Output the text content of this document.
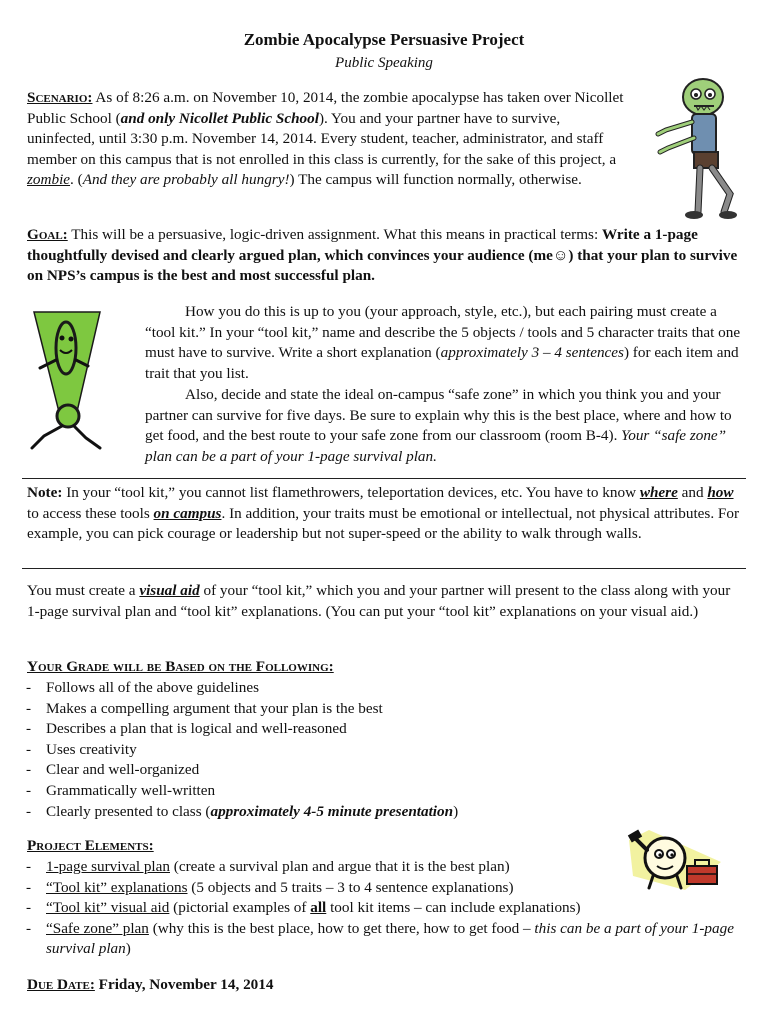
Zombie Apocalypse Persuasive Project
Public Speaking
Scenario: As of 8:26 a.m. on November 10, 2014, the zombie apocalypse has taken over Nicollet Public School (and only Nicollet Public School). You and your partner have to survive, uninfected, until 3:30 p.m. November 14, 2014. Every student, teacher, administrator, and staff member on this campus that is not enrolled in this class is currently, for the sake of this project, a zombie. (And they are probably all hungry!) The campus will function normally, otherwise.
Goal: This will be a persuasive, logic-driven assignment. What this means in practical terms: Write a 1-page thoughtfully devised and clearly argued plan, which convinces your audience (me☺) that your plan to survive on NPS’s campus is the best and most successful plan.
How you do this is up to you (your approach, style, etc.), but each pairing must create a “tool kit.” In your “tool kit,” name and describe the 5 objects / tools and 5 character traits that one must have to survive. Write a short explanation (approximately 3 – 4 sentences) for each item and trait that you list.
Also, decide and state the ideal on-campus “safe zone” in which you think you and your partner can survive for five days. Be sure to explain why this is the best place, where and how to get food, and the best route to your safe zone from our classroom (room B-4). Your “safe zone” plan can be a part of your 1-page survival plan.
Note: In your “tool kit,” you cannot list flamethrowers, teleportation devices, etc. You have to know where and how to access these tools on campus. In addition, your traits must be emotional or intellectual, not physical attributes. For example, you can pick courage or leadership but not super-speed or the ability to walk through walls.
You must create a visual aid of your “tool kit,” which you and your partner will present to the class along with your 1-page survival plan and “tool kit” explanations. (You can put your “tool kit” explanations on your visual aid.)
Your Grade will be Based on the Following:
- Follows all of the above guidelines
- Makes a compelling argument that your plan is the best
- Describes a plan that is logical and well-reasoned
- Uses creativity
- Clear and well-organized
- Grammatically well-written
- Clearly presented to class (approximately 4-5 minute presentation)
Project Elements:
- 1-page survival plan (create a survival plan and argue that it is the best plan)
- “Tool kit” explanations (5 objects and 5 traits – 3 to 4 sentence explanations)
- “Tool kit” visual aid (pictorial examples of all tool kit items – can include explanations)
- “Safe zone” plan (why this is the best place, how to get there, how to get food – this can be a part of your 1-page survival plan)
Due Date: Friday, November 14, 2014
